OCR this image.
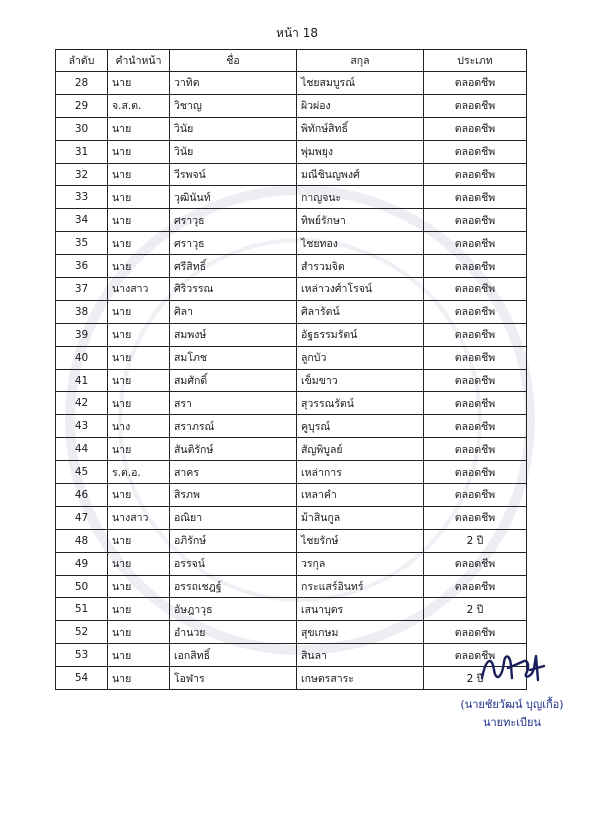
หน้า 18
ลำดับ	คำนำหน้า	ชื่อ	สกุล	ประเภท
28	นาย	วาทิต	ไชยสมบูรณ์	ตลอดชีพ
29	จ.ส.ต.	วิชาญ	ผิวผ่อง	ตลอดชีพ
30	นาย	วินัย	พิทักษ์สิทธิ์	ตลอดชีพ
31	นาย	วินัย	พุ่มพยุง	ตลอดชีพ
32	นาย	วีรพจน์	มณีชินญพงศ์	ตลอดชีพ
33	นาย	วุฒินันท์	กาญจนะ	ตลอดชีพ
34	นาย	ศราวุธ	ทิพย์รักษา	ตลอดชีพ
35	นาย	ศราวุธ	ไชยทอง	ตลอดชีพ
36	นาย	ศรีสิทธิ์	สำรวมจิต	ตลอดชีพ
37	นางสาว	ศิริวรรณ	เหล่าวงศ์าโรจน์	ตลอดชีพ
38	นาย	ศิลา	ศิลารัตน์	ตลอดชีพ
39	นาย	สมพงษ์	อัฐธรรมรัตน์	ตลอดชีพ
40	นาย	สมโภช	ลูกบัว	ตลอดชีพ
41	นาย	สมศักดิ์	เข็มขาว	ตลอดชีพ
42	นาย	สรา	สุวรรณรัตน์	ตลอดชีพ
43	นาง	สราภรณ์	คูบุรณ์	ตลอดชีพ
44	นาย	สันติรักษ์	สัญพิบูลย์	ตลอดชีพ
45	ร.ต.อ.	สาคร	เหล่าการ	ตลอดชีพ
46	นาย	สิรภพ	เหลาคำ	ตลอดชีพ
47	นางสาว	อณิยา	ม้าสินกูล	ตลอดชีพ
48	นาย	อภิรักษ์	ไชยรักษ์	2 ปี
49	นาย	อรรจน์	วรกุล	ตลอดชีพ
50	นาย	อรรถเชฎฐ์	กระแสร์อินทร์	ตลอดชีพ
51	นาย	อัษฎาวุธ	เสนาบุตร	2 ปี
52	นาย	อำนวย	สุขเกษม	ตลอดชีพ
53	นาย	เอกสิทธิ์	สินลา	ตลอดชีพ
54	นาย	โอฬาร	เกษตรสาระ	2 ปี
(นายชัยวัฒน์ บุญเกื้อ)
นายทะเบียน
